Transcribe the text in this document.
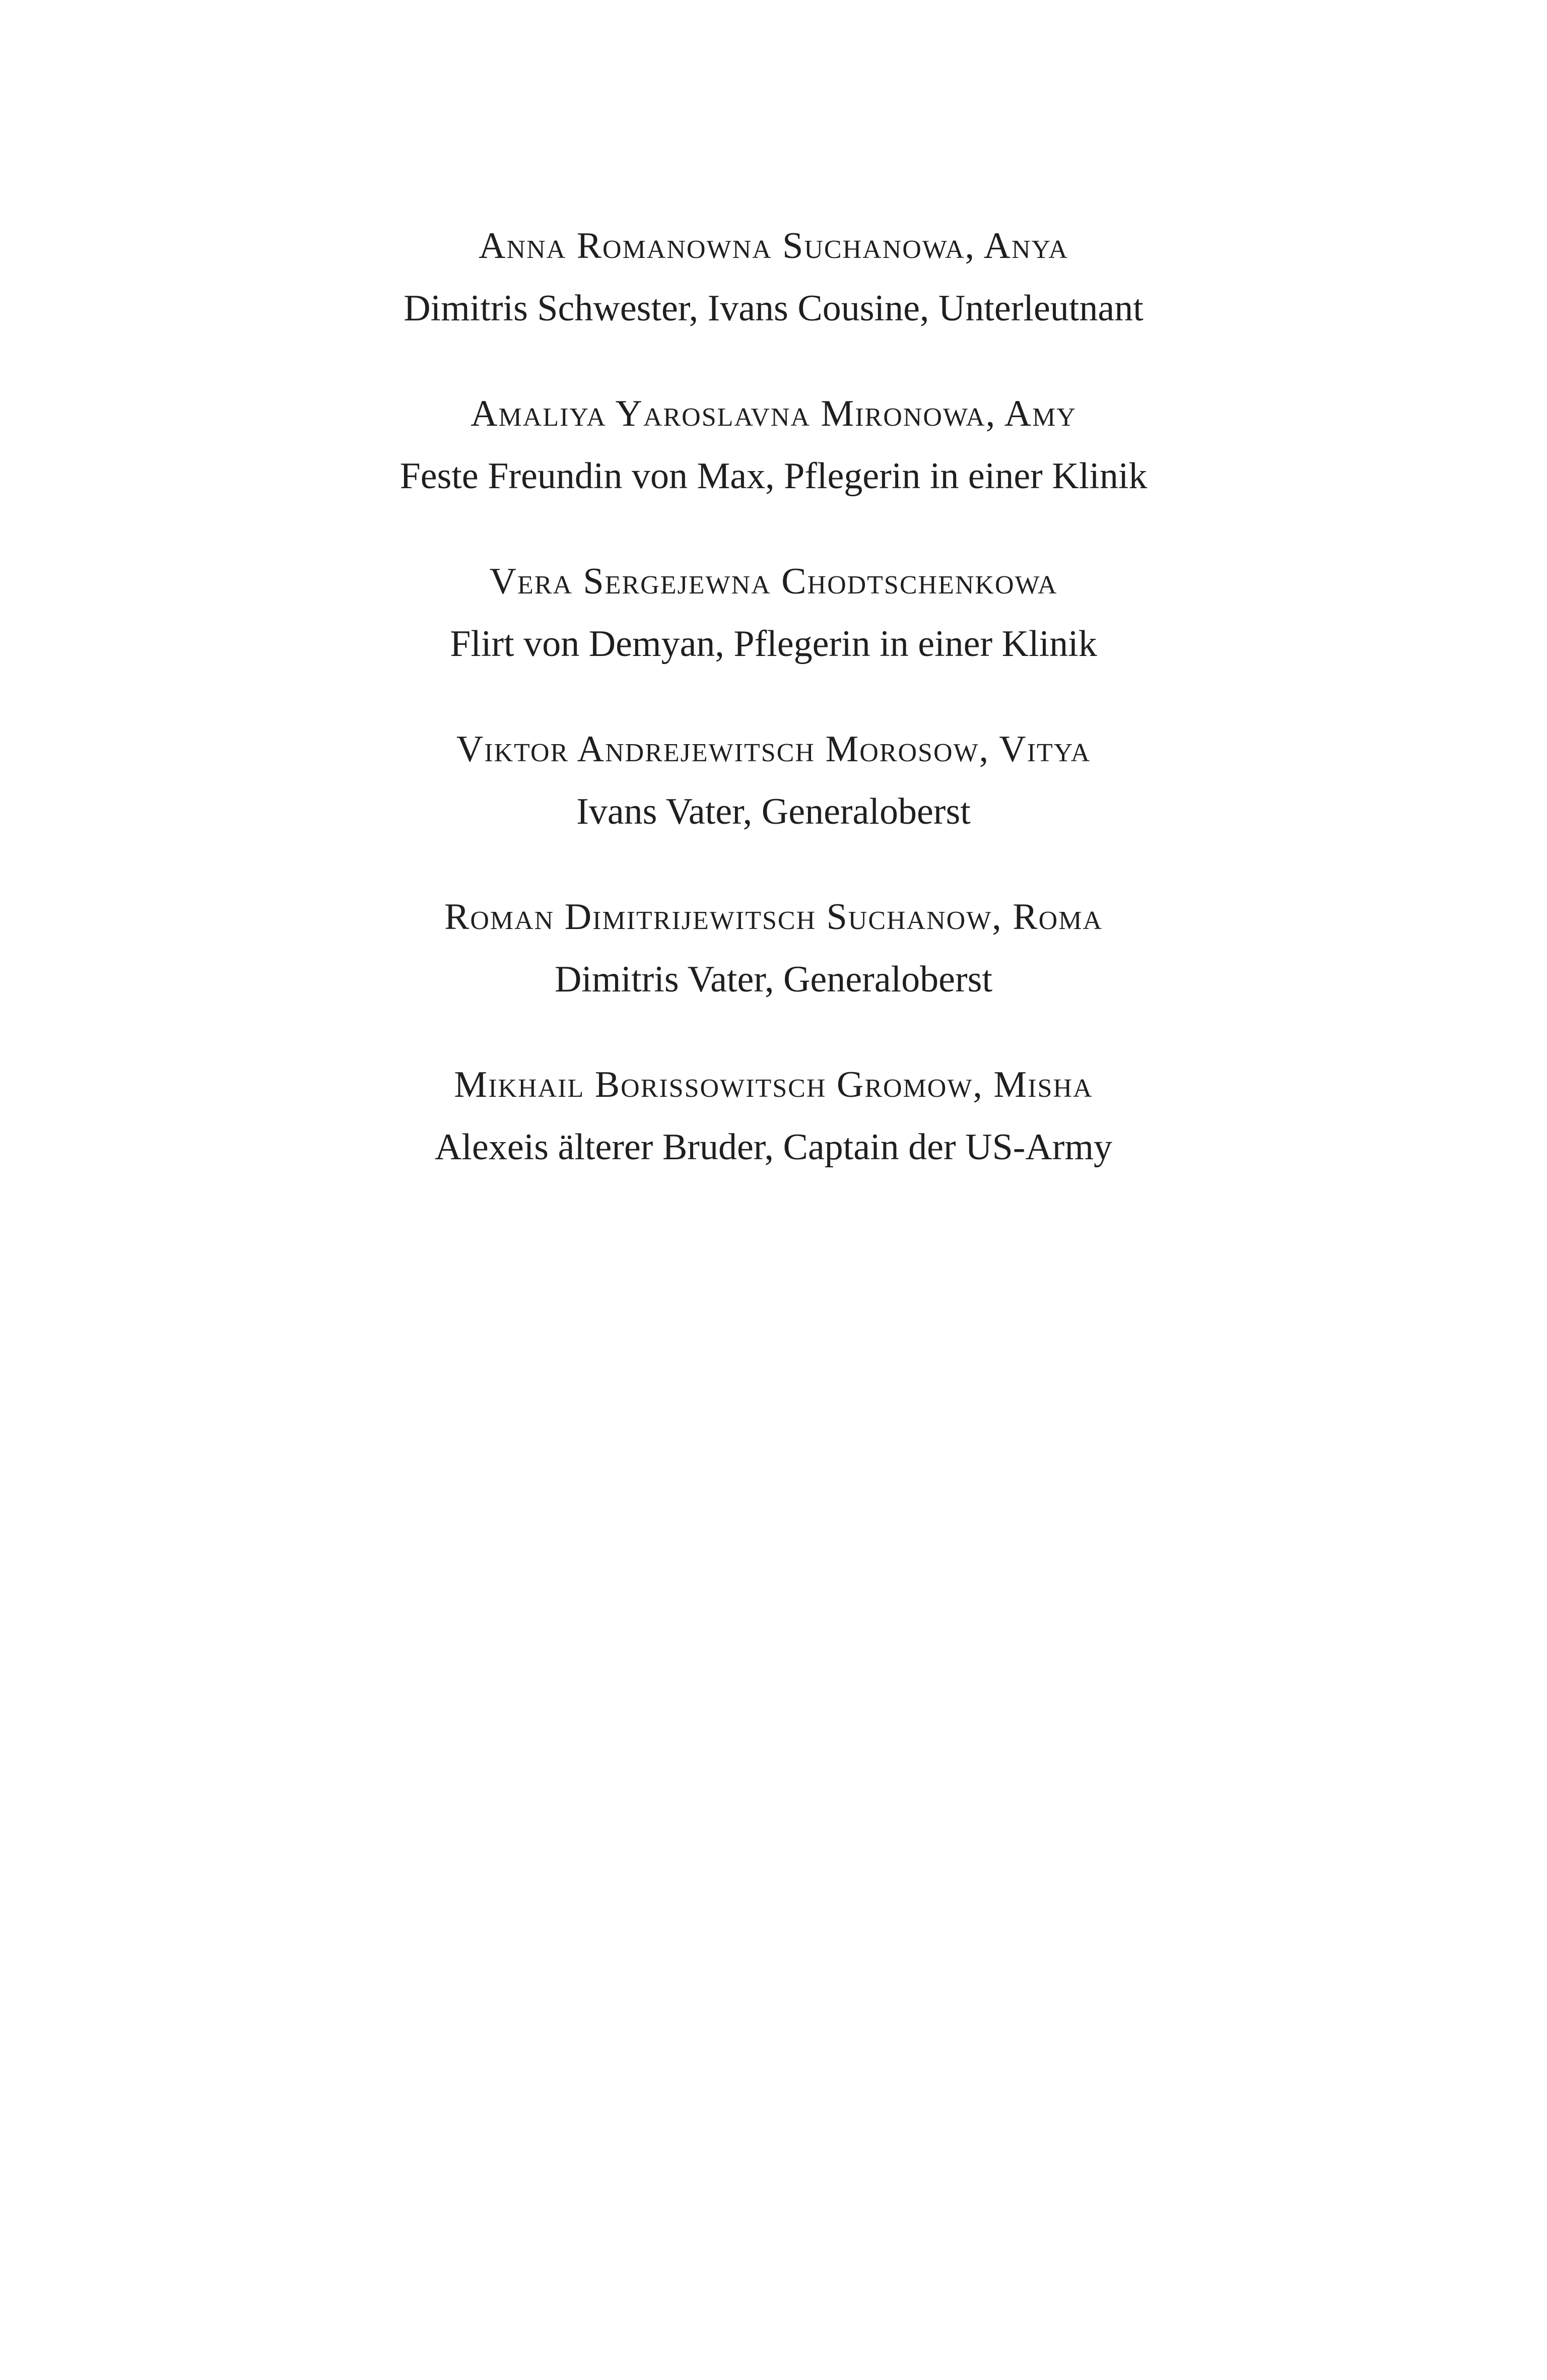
Anna Romanowna Suchanowa, Anya
Dimitris Schwester, Ivans Cousine, Unterleutnant
Amaliya Yaroslavna Mironowa, Amy
Feste Freundin von Max, Pflegerin in einer Klinik
Vera Sergejewna Chodtschenkowa
Flirt von Demyan, Pflegerin in einer Klinik
Viktor Andrejewitsch Morosow, Vitya
Ivans Vater, Generaloberst
Roman Dimitrijewitsch Suchanow, Roma
Dimitris Vater, Generaloberst
Mikhail Borissowitsch Gromow, Misha
Alexeis älterer Bruder, Captain der US-Army
